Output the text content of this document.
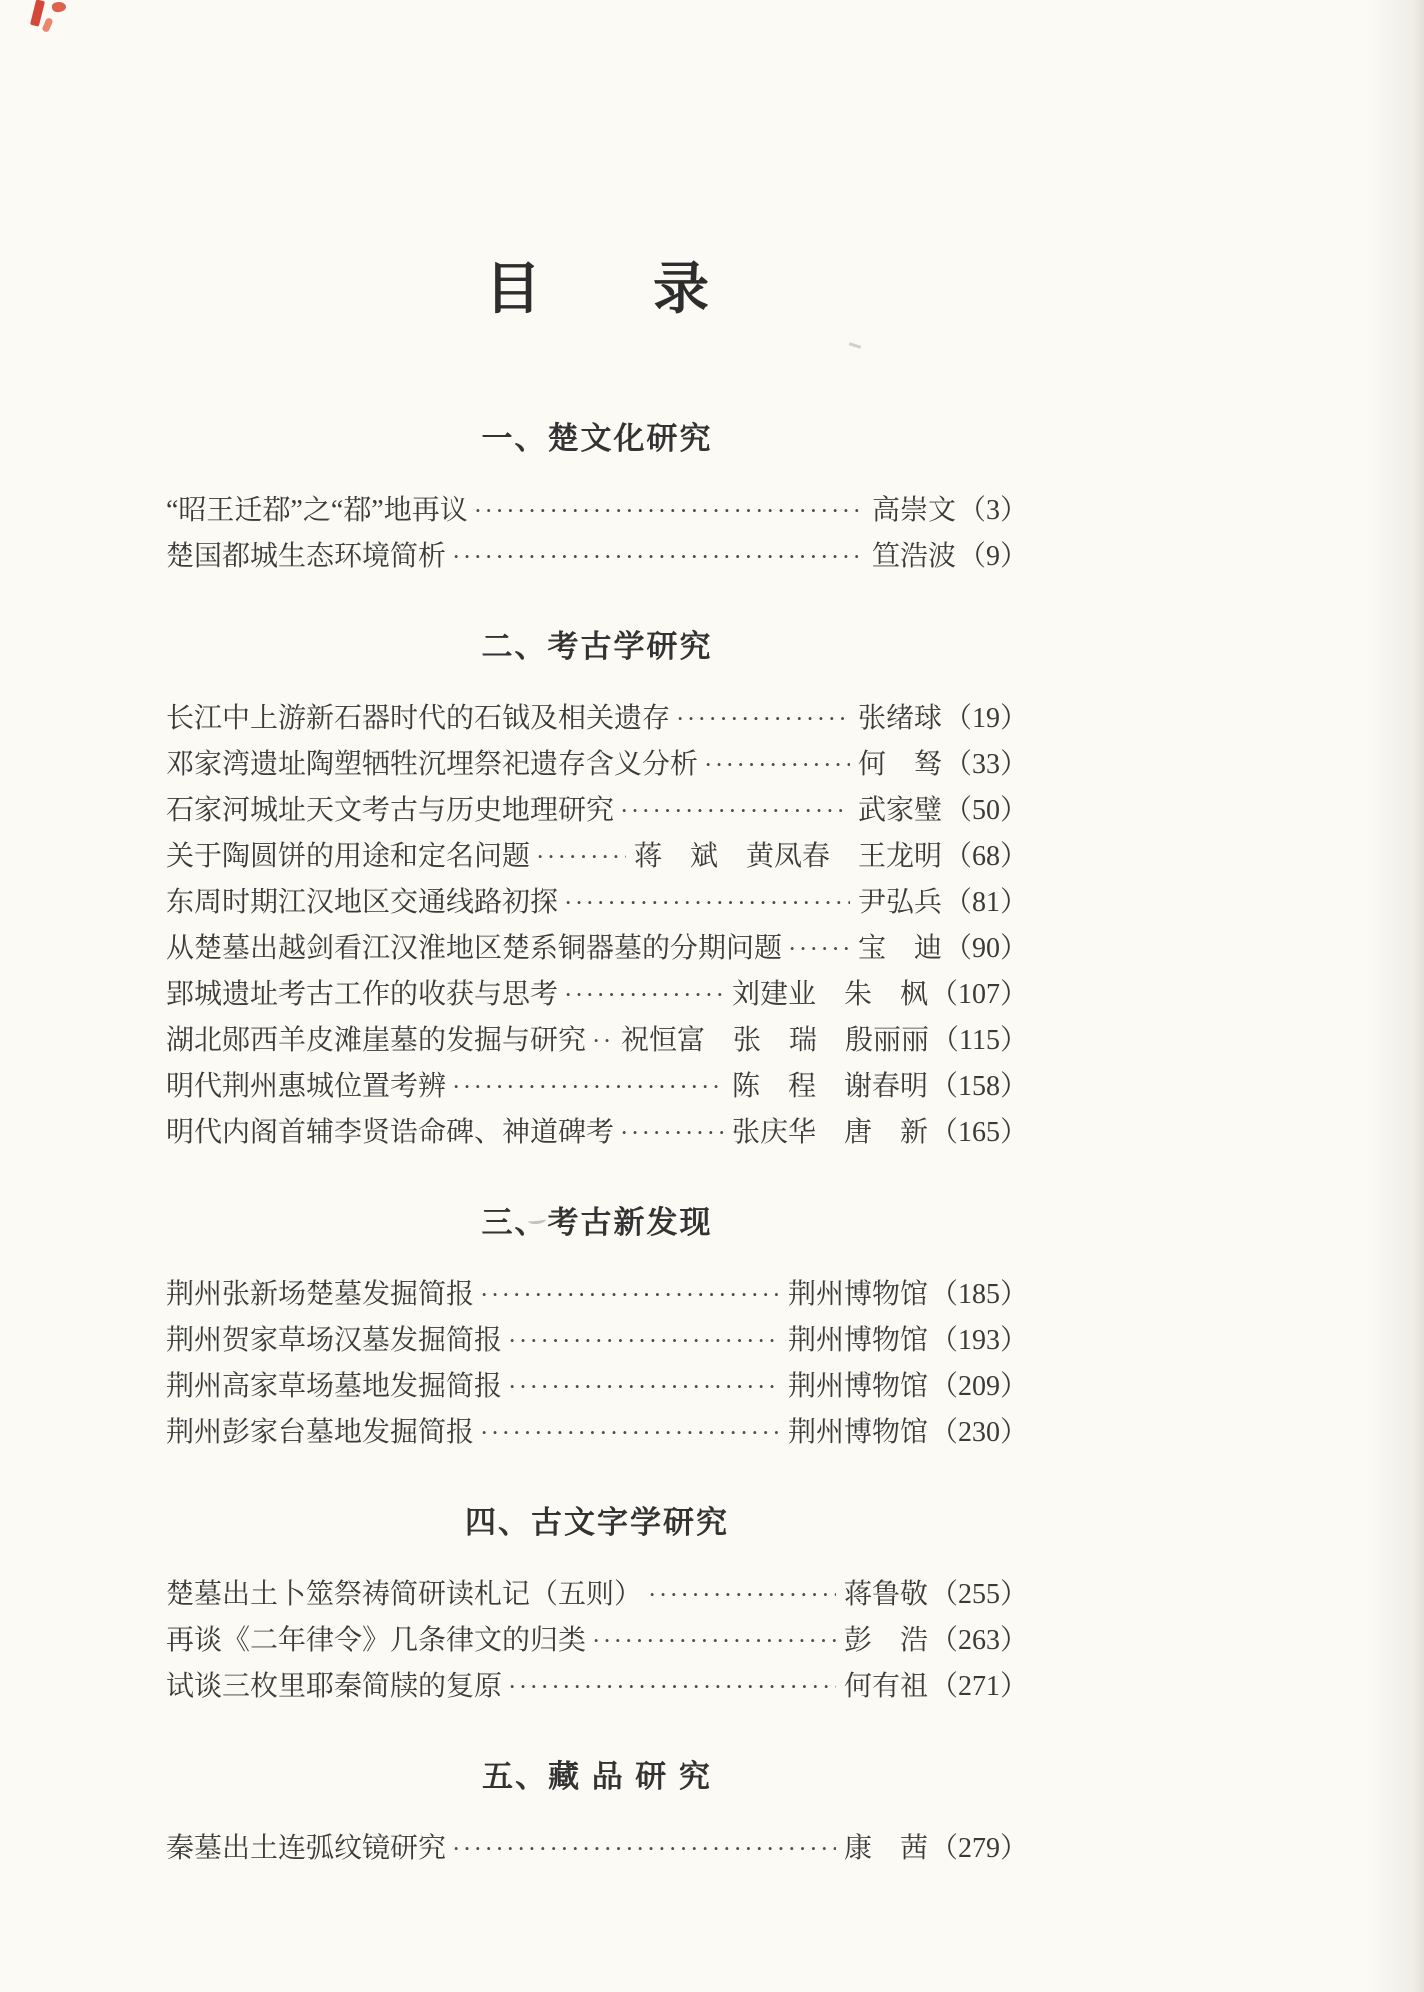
目　　录
一、楚文化研究
“昭王迁鄀”之“鄀”地再议 ·····	高崇文 （3）
楚国都城生态环境简析 ·····	笪浩波 （9）
二、考古学研究
长江中上游新石器时代的石钺及相关遗存 ·····	张绪球 （19）
邓家湾遗址陶塑牺牲沉埋祭祀遗存含义分析 ·····	何　驽 （33）
石家河城址天文考古与历史地理研究 ·····	武家璧 （50）
关于陶圆饼的用途和定名问题 ·····	蒋　斌　黄凤春　王龙明 （68）
东周时期江汉地区交通线路初探 ·····	尹弘兵 （81）
从楚墓出越剑看江汉淮地区楚系铜器墓的分期问题 ·····	宝　迪 （90）
郢城遗址考古工作的收获与思考 ·····	刘建业　朱　枫 （107）
湖北郧西羊皮滩崖墓的发掘与研究 ····· 祝恒富　张　瑞　殷丽丽 （115）
明代荆州惠城位置考辨 ·····	陈　程　谢春明 （158）
明代内阁首辅李贤诰命碑、神道碑考 ·····	张庆华　唐　新 （165）
三、考古新发现
荆州张新场楚墓发掘简报 ·····	荆州博物馆 （185）
荆州贺家草场汉墓发掘简报 ·····	荆州博物馆 （193）
荆州高家草场墓地发掘简报 ·····	荆州博物馆 （209）
荆州彭家台墓地发掘简报 ·····	荆州博物馆 （230）
四、古文字学研究
楚墓出土卜筮祭祷简研读札记（五则） ·····	蒋鲁敬 （255）
再谈《二年律令》几条律文的归类 ·····	彭　浩 （263）
试谈三枚里耶秦简牍的复原 ·····	何有祖 （271）
五、藏 品 研 究
秦墓出土连弧纹镜研究 ·····	康　茜 （279）
